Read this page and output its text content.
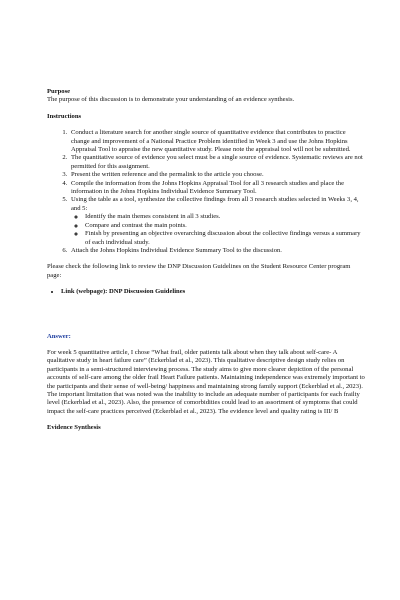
Purpose

The purpose of this discussion is to demonstrate your understanding of an evidence synthesis.

Instructions

1. Conduct a literature search for another single source of quantitative evidence that contributes to practice change and improvement of a National Practice Problem identified in Week 3 and use the Johns Hopkins Appraisal Tool to appraise the new quantitative study. Please note the appraisal tool will not be submitted.
2. The quantitative source of evidence you select must be a single source of evidence. Systematic reviews are not permitted for this assignment.
3. Present the written reference and the permalink to the article you choose.
4. Compile the information from the Johns Hopkins Appraisal Tool for all 3 research studies and place the information in the Johns Hopkins Individual Evidence Summary Tool.
5. Using the table as a tool, synthesize the collective findings from all 3 research studies selected in Weeks 3, 4, and 5:
◦ Identify the main themes consistent in all 3 studies.
◦ Compare and contrast the main points.
◦ Finish by presenting an objective overarching discussion about the collective findings versus a summary of each individual study.
6. Attach the Johns Hopkins Individual Evidence Summary Tool to the discussion.

Please check the following link to review the DNP Discussion Guidelines on the Student Resource Center program page:

• Link (webpage): DNP Discussion Guidelines

Answer:

For week 5 quantitative article, I chose “What frail, older patients talk about when they talk about self-care- A qualitative study in heart failure care” (Eckerblad et al., 2023). This qualitative descriptive design study relies on participants in a semi-structured interviewing process. The study aims to give more clearer depiction of the personal accounts of self-care among the older frail Heart Failure patients. Maintaining independence was extremely important to the participants and their sense of well-being/ happiness and maintaining strong family support (Eckerblad et al., 2023). The important limitation that was noted was the inability to include an adequate number of participants for each frailty level (Eckerblad et al., 2023). Also, the presence of comorbidities could lead to an assortment of symptoms that could impact the self-care practices perceived (Eckerblad et al., 2023). The evidence level and quality rating is III/ B

Evidence Synthesis
